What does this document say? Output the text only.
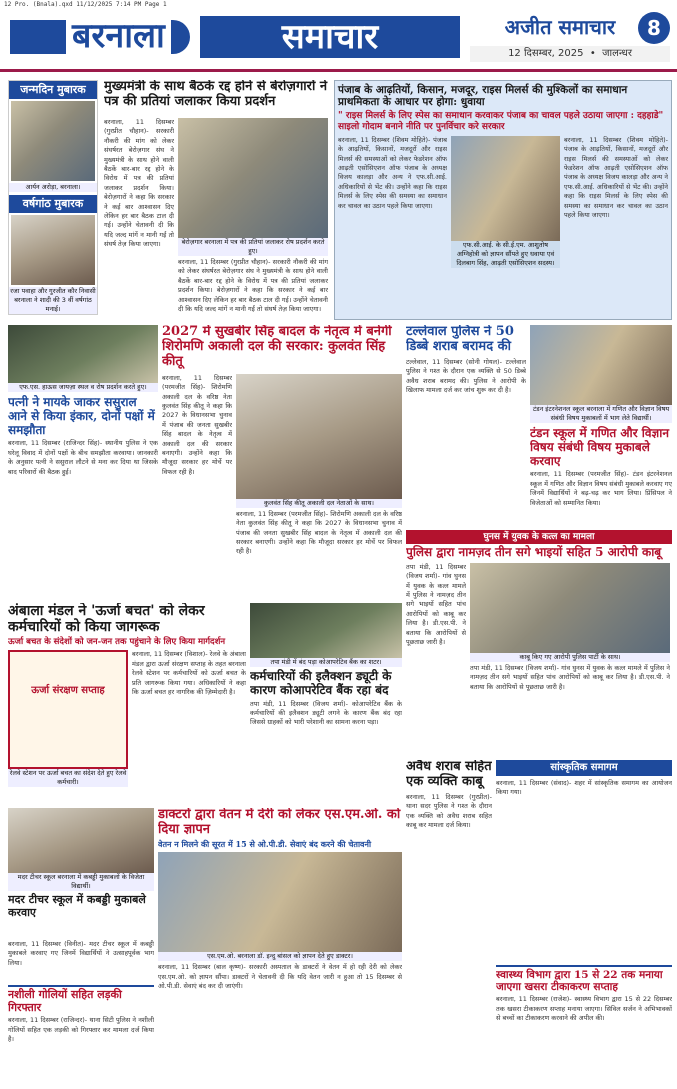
12 Pro. (Bnala).qxd 11/12/2025 7:14 PM Page 1
बरनाला	समाचार	अजीत समाचार	8
12 दिसम्बर, 2025  •  जालन्धर
जन्मदिन मुबारक
आर्यन अरोड़ा, बरनाला।
वर्षगांठ मुबारक
रजा पवाहा और गुरजीत कौर निवासी बरनाला ने शादी की 3 वीं वर्षगांठ मनाई।
मुख्यमंत्री के साथ बैठकें रद्द होने से बेरोज़गारों ने पत्र की प्रतियां जलाकर किया प्रदर्शन
बरनाला, 11 दिसम्बर (गुरप्रीत चौहान)- सरकारी नौकरी की मांग को लेकर संघर्षरत बेरोज़गार संघ ने मुख्यमंत्री के साथ होने वाली बैठकें बार-बार रद्द होने के विरोध में पत्र की प्रतियां जलाकर प्रदर्शन किया। बेरोज़गारों ने कहा कि सरकार ने कई बार आश्वासन दिए लेकिन हर बार बैठक टाल दी गई। उन्होंने चेतावनी दी कि यदि जल्द मांगें न मानी गईं तो संघर्ष तेज़ किया जाएगा।	बेरोज़गार बरनाला में पत्र की प्रतियां जलाकर रोष प्रदर्शन करते हुए।
बरनाला, 11 दिसम्बर (गुरप्रीत चौहान)- सरकारी नौकरी की मांग को लेकर संघर्षरत बेरोज़गार संघ ने मुख्यमंत्री के साथ होने वाली बैठकें बार-बार रद्द होने के विरोध में पत्र की प्रतियां जलाकर प्रदर्शन किया। बेरोज़गारों ने कहा कि सरकार ने कई बार आश्वासन दिए लेकिन हर बार बैठक टाल दी गई। उन्होंने चेतावनी दी कि यदि जल्द मांगें न मानी गईं तो संघर्ष तेज़ किया जाएगा।
पंजाब के आढ़तियों, किसान, मजदूर, राइस मिलर्स की मुश्किलों का समाधान प्राथमिकता के आधार पर होगा: धुवाया
" राइस मिलर्स के लिए स्पेस का समाधान करवाकर पंजाब का चावल पहले उठाया जाएगा : दहहाडे" साइलो गोदाम बनाने नीति पर पुनर्विचार करे सरकार
बरनाला, 11 दिसम्बर (शिवम मोहिते)- पंजाब के आढ़तियों, किसानों, मजदूरों और राइस मिलर्स की समस्याओं को लेकर फेडरेशन ऑफ आढ़ती एसोसिएशन ऑफ पंजाब के अध्यक्ष विजय कालड़ा और अन्य ने एफ.सी.आई. अधिकारियों से भेंट की। उन्होंने कहा कि राइस मिलर्स के लिए स्पेस की समस्या का समाधान कर चावल का उठान पहले किया जाएगा।
एफ.सी.आई. के सी.ई.एम. आशुतोष अग्निहोत्री को ज्ञापन सौंपते हुए धवाया एवं दिलबाग सिंह, आढ़ती एसोसिएशन सदस्य।
बरनाला, 11 दिसम्बर (शिवम मोहिते)- पंजाब के आढ़तियों, किसानों, मजदूरों और राइस मिलर्स की समस्याओं को लेकर फेडरेशन ऑफ आढ़ती एसोसिएशन ऑफ पंजाब के अध्यक्ष विजय कालड़ा और अन्य ने एफ.सी.आई. अधिकारियों से भेंट की। उन्होंने कहा कि राइस मिलर्स के लिए स्पेस की समस्या का समाधान कर चावल का उठान पहले किया जाएगा।
एफ.एस. हाऊस जायज़ा स्थल व रोष प्रदर्शन करते हुए।
पत्नी ने मायके जाकर ससुराल आने से किया इंकार, दोनों पक्षों में समझौता
बरनाला, 11 दिसम्बर (राजिन्दर सिंह)- स्थानीय पुलिस ने एक घरेलू विवाद में दोनों पक्षों के बीच समझौता करवाया। जानकारी के अनुसार पत्नी ने ससुराल लौटने से मना कर दिया था जिसके बाद परिवारों की बैठक हुई।
2027 में सुखबीर सिंह बादल के नेतृत्व में बनेगी शिरोमणि अकाली दल की सरकार: कुलवंत सिंह कीतू
बरनाला, 11 दिसम्बर (परमजीत सिंह)- शिरोमणि अकाली दल के वरिष्ठ नेता कुलवंत सिंह कीतू ने कहा कि 2027 के विधानसभा चुनाव में पंजाब की जनता सुखबीर सिंह बादल के नेतृत्व में अकाली दल की सरकार बनाएगी। उन्होंने कहा कि मौजूदा सरकार हर मोर्चे पर विफल रही है।
कुलवंत सिंह कीतू अकाली दल नेताओं के साथ।
बरनाला, 11 दिसम्बर (परमजीत सिंह)- शिरोमणि अकाली दल के वरिष्ठ नेता कुलवंत सिंह कीतू ने कहा कि 2027 के विधानसभा चुनाव में पंजाब की जनता सुखबीर सिंह बादल के नेतृत्व में अकाली दल की सरकार बनाएगी। उन्होंने कहा कि मौजूदा सरकार हर मोर्चे पर विफल रही है।
टल्लेवाल पुलिस ने 50 डिब्बे शराब बरामद की
टल्लेवाल, 11 दिसम्बर (सोनी गोयल)- टल्लेवाल पुलिस ने गश्त के दौरान एक व्यक्ति से 50 डिब्बे अवैध शराब बरामद की। पुलिस ने आरोपी के खिलाफ मामला दर्ज कर जांच शुरू कर दी है।
टंडन इंटरनेशनल स्कूल बरनाला में गणित और विज्ञान विषय संबंधी विषय मुकाबलों में भाग लेते विद्यार्थी।
टंडन स्कूल में गणित और विज्ञान विषय संबंधी विषय मुकाबले करवाए
बरनाला, 11 दिसम्बर (परमजीत सिंह)- टंडन इंटरनेशनल स्कूल में गणित और विज्ञान विषय संबंधी मुकाबले करवाए गए जिनमें विद्यार्थियों ने बढ़-चढ़ कर भाग लिया। प्रिंसिपल ने विजेताओं को सम्मानित किया।
घुनस में युवक के कत्ल का मामला
पुलिस द्वारा नामज़द तीन सगे भाइयों सहित 5 आरोपी काबू
तपा मंडी, 11 दिसम्बर (विजय शर्मा)- गांव घुनस में युवक के कत्ल मामले में पुलिस ने नामज़द तीन सगे भाइयों सहित पांच आरोपियों को काबू कर लिया है। डी.एस.पी. ने बताया कि आरोपियों से पूछताछ जारी है।
काबू किए गए आरोपी पुलिस पार्टी के साथ।
तपा मंडी, 11 दिसम्बर (विजय शर्मा)- गांव घुनस में युवक के कत्ल मामले में पुलिस ने नामज़द तीन सगे भाइयों सहित पांच आरोपियों को काबू कर लिया है। डी.एस.पी. ने बताया कि आरोपियों से पूछताछ जारी है।
अंबाला मंडल ने 'ऊर्जा बचत' को लेकर कर्मचारियों को किया जागरूक
ऊर्जा बचत के संदेशों को जन-जन तक पहुंचाने के लिए किया मार्गदर्शन
ऊर्जा संरक्षण सप्ताह
रेलवे स्टेशन पर ऊर्जा बचत का संदेश देते हुए रेलवे कर्मचारी।
बरनाला, 11 दिसम्बर (विशाल)- रेलवे के अंबाला मंडल द्वारा ऊर्जा संरक्षण सप्ताह के तहत बरनाला रेलवे स्टेशन पर कर्मचारियों को ऊर्जा बचत के प्रति जागरूक किया गया। अधिकारियों ने कहा कि ऊर्जा बचत हर नागरिक की ज़िम्मेदारी है।
तपा मंडी में बंद पड़ा कोआपरेटिव बैंक का शटर।
कर्मचारियों की इलैक्शन ड्यूटी के कारण कोआपरेटिव बैंक रहा बंद
तपा मंडी, 11 दिसम्बर (विजय शर्मा)- कोआपरेटिव बैंक के कर्मचारियों की इलैक्शन ड्यूटी लगने के कारण बैंक बंद रहा जिससे ग्राहकों को भारी परेशानी का सामना करना पड़ा।
मदर टीचर स्कूल बरनाला में कबड्डी मुकाबलों के विजेता विद्यार्थी।
मदर टीचर स्कूल में कबड्डी मुकाबले करवाए
बरनाला, 11 दिसम्बर (विनीत)- मदर टीचर स्कूल में कबड्डी मुकाबले करवाए गए जिनमें विद्यार्थियों ने उत्साहपूर्वक भाग लिया।
नशीली गोलियों सहित लड़की गिरफ्तार
बरनाला, 11 दिसम्बर (राजिन्दर)- थाना सिटी पुलिस ने नशीली गोलियों सहित एक लड़की को गिरफ्तार कर मामला दर्ज किया है।
डाक्टरों द्वारा वेतन में देरी को लेकर एस.एम.ओ. को दिया ज्ञापन
वेतन न मिलने की सूरत में 15 से ओ.पी.डी. सेवाएं बंद करने की चेतावनी
एस.एम.ओ. बरनाला डॉ. इन्दु बांसल को ज्ञापन देते हुए डाक्टर।
बरनाला, 11 दिसम्बर (बाल कृष्ण)- सरकारी अस्पताल के डाक्टरों ने वेतन में हो रही देरी को लेकर एस.एम.ओ. को ज्ञापन सौंपा। डाक्टरों ने चेतावनी दी कि यदि वेतन जारी न हुआ तो 15 दिसम्बर से ओ.पी.डी. सेवाएं बंद कर दी जाएंगी।
अवैध शराब सहित एक व्यक्ति काबू
बरनाला, 11 दिसम्बर (गुरप्रीत)- थाना सदर पुलिस ने गश्त के दौरान एक व्यक्ति को अवैध शराब सहित काबू कर मामला दर्ज किया।
सांस्कृतिक समागम
बरनाला, 11 दिसम्बर (संवाद)- शहर में सांस्कृतिक समागम का आयोजन किया गया।
स्वास्थ्य विभाग द्वारा 15 से 22 तक मनाया जाएगा खसरा टीकाकरण सप्ताह
बरनाला, 11 दिसम्बर (राजेश)- स्वास्थ्य विभाग द्वारा 15 से 22 दिसम्बर तक खसरा टीकाकरण सप्ताह मनाया जाएगा। सिविल सर्जन ने अभिभावकों से बच्चों का टीकाकरण करवाने की अपील की।
